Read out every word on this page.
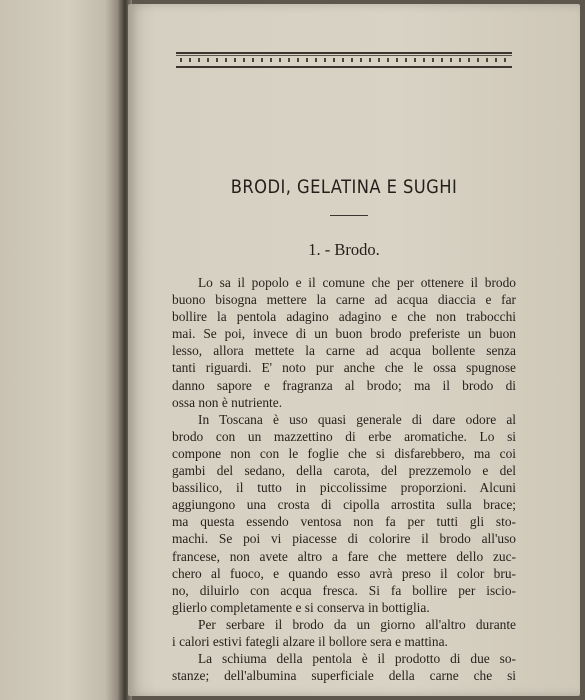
BRODI, GELATINA E SUGHI
1. - Brodo.
Lo sa il popolo e il comune che per ottenere il brodo
buono bisogna mettere la carne ad acqua diaccia e far
bollire la pentola adagino adagino e che non trabocchi
mai. Se poi, invece di un buon brodo preferiste un buon
lesso, allora mettete la carne ad acqua bollente senza
tanti riguardi. E' noto pur anche che le ossa spugnose
danno sapore e fragranza al brodo; ma il brodo di
ossa non è nutriente.
In Toscana è uso quasi generale di dare odore al
brodo con un mazzettino di erbe aromatiche. Lo si
compone non con le foglie che si disfarebbero, ma coi
gambi del sedano, della carota, del prezzemolo e del
bassilico, il tutto in piccolissime proporzioni. Alcuni
aggiungono una crosta di cipolla arrostita sulla brace;
ma questa essendo ventosa non fa per tutti gli sto-
machi. Se poi vi piacesse di colorire il brodo all'uso
francese, non avete altro a fare che mettere dello zuc-
chero al fuoco, e quando esso avrà preso il color bru-
no, diluirlo con acqua fresca. Si fa bollire per iscio-
glierlo completamente e si conserva in bottiglia.
Per serbare il brodo da un giorno all'altro durante
i calori estivi fategli alzare il bollore sera e mattina.
La schiuma della pentola è il prodotto di due so-
stanze; dell'albumina superficiale della carne che si
